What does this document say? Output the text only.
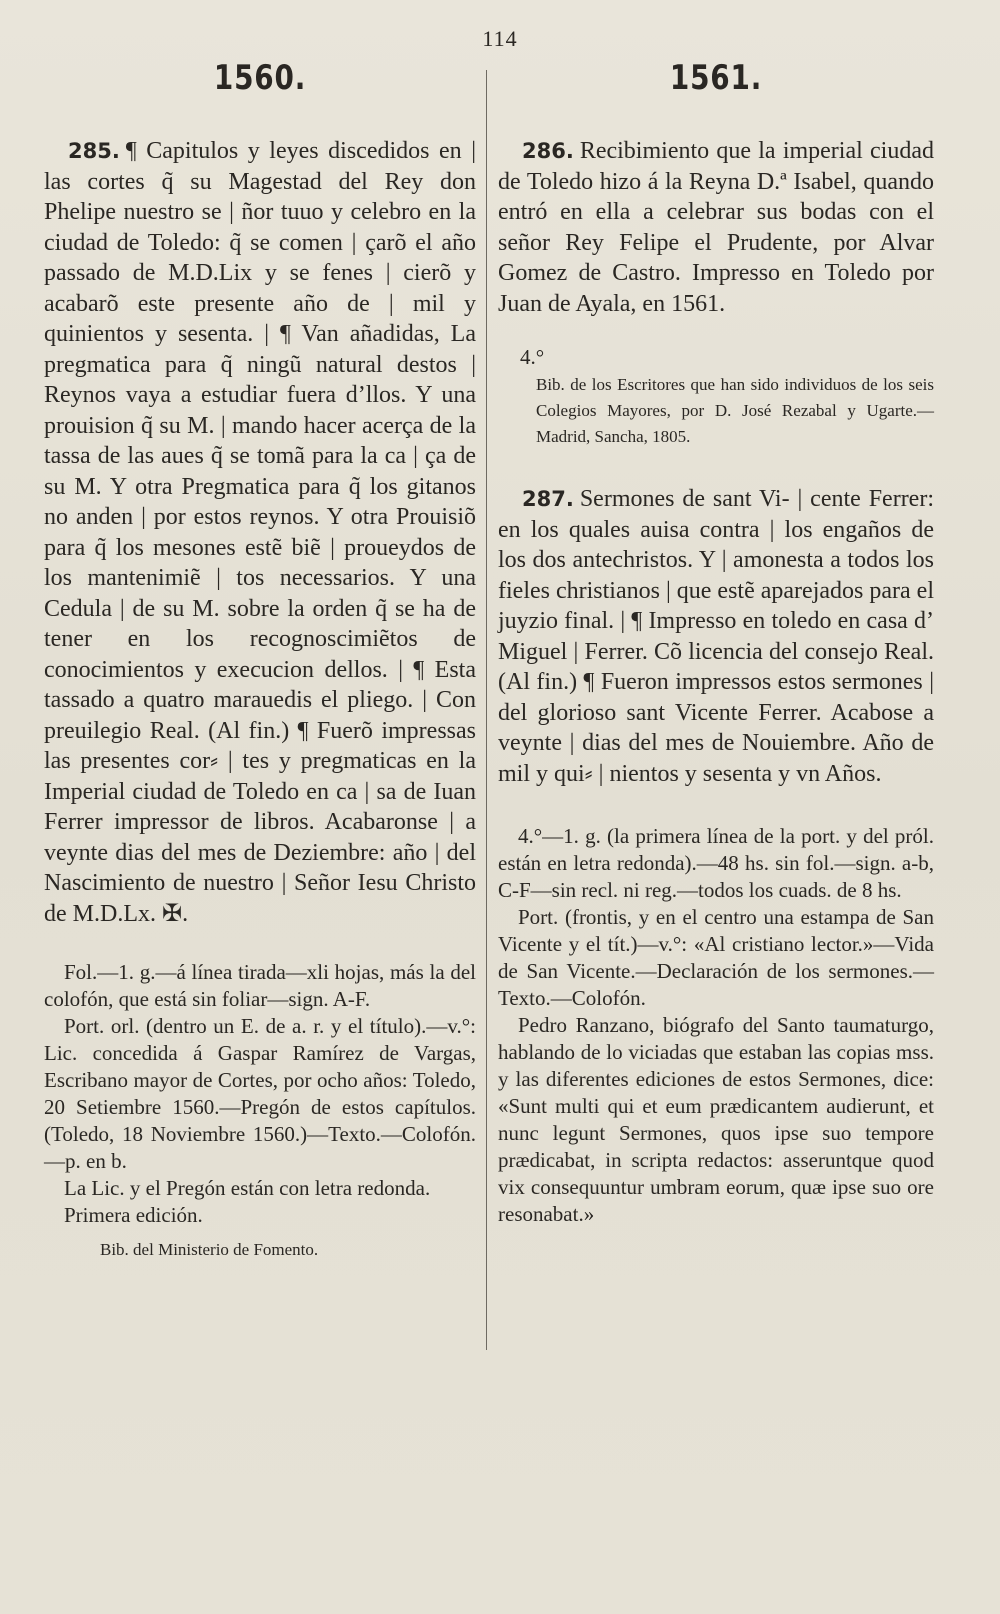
114
1560.
285. ¶ Capitulos y leyes discedidos en | las cortes q̃ su Magestad del Rey don Phelipe nuestro se | ñor tuuo y celebro en la ciudad de Toledo: q̃ se comen | çarõ el año passado de M.D.Lix y se fenes | cierõ y acabarõ este presente año de | mil y quinientos y sesenta. | ¶ Van añadidas, La pregmatica para q̃ ningũ natural destos | Reynos vaya a estudiar fuera d’llos. Y una prouision q̃ su M. | mando hacer acerça de la tassa de las aues q̃ se tomã para la ca | ça de su M. Y otra Pregmatica para q̃ los gitanos no anden | por estos reynos. Y otra Prouisiõ para q̃ los mesones estẽ biẽ | proueydos de los mantenimiẽ | tos necessarios. Y una Cedula | de su M. sobre la orden q̃ se ha de tener en los recognoscimiẽtos de conocimientos y execucion dellos. | ¶ Esta tassado a quatro marauedis el pliego. | Con preuilegio Real. (Al fin.) ¶ Fuerõ impressas las presentes cor⸗ | tes y pregmaticas en la Imperial ciudad de Toledo en ca | sa de Iuan Ferrer impressor de libros. Acabaronse | a veynte dias del mes de Deziembre: año | del Nascimiento de nuestro | Señor Iesu Christo de M.D.Lx. ✠.

Fol.—1. g.—á línea tirada—xli hojas, más la del colofón, que está sin foliar—sign. A-F.

Port. orl. (dentro un E. de a. r. y el título).—v.°: Lic. concedida á Gaspar Ramírez de Vargas, Escribano mayor de Cortes, por ocho años: Toledo, 20 Setiembre 1560.—Pregón de estos capítulos. (Toledo, 18 Noviembre 1560.)—Texto.—Colofón.—p. en b.

La Lic. y el Pregón están con letra redonda.

Primera edición.

Bib. del Ministerio de Fomento.
1561.
286. Recibimiento que la imperial ciudad de Toledo hizo á la Reyna D.ª Isabel, quando entró en ella a celebrar sus bodas con el señor Rey Felipe el Prudente, por Alvar Gomez de Castro. Impresso en Toledo por Juan de Ayala, en 1561.

4.°

Bib. de los Escritores que han sido individuos de los seis Colegios Mayores, por D. José Rezabal y Ugarte.—Madrid, Sancha, 1805.
287. Sermones de sant Vi- | cente Ferrer: en los quales auisa contra | los engaños de los dos antechristos. Y | amonesta a todos los fieles christianos | que estẽ aparejados para el juyzio final. | ¶ Impresso en toledo en casa d’ Miguel | Ferrer. Cõ licencia del consejo Real. (Al fin.) ¶ Fueron impressos estos sermones | del glorioso sant Vicente Ferrer. Acabose a veynte | dias del mes de Nouiembre. Año de mil y qui⸗ | nientos y sesenta y vn Años.

4.°—1. g. (la primera línea de la port. y del pról. están en letra redonda).—48 hs. sin fol.—sign. a-b, C-F—sin recl. ni reg.—todos los cuads. de 8 hs.

Port. (frontis, y en el centro una estampa de San Vicente y el tít.)—v.°: «Al cristiano lector.»—Vida de San Vicente.—Declaración de los sermones.—Texto.—Colofón.

Pedro Ranzano, biógrafo del Santo taumaturgo, hablando de lo viciadas que estaban las copias mss. y las diferentes ediciones de estos Sermones, dice: «Sunt multi qui et eum prædicantem audierunt, et nunc legunt Sermones, quos ipse suo tempore prædicabat, in scripta redactos: asseruntque quod vix consequuntur umbram eorum, quæ ipse suo ore resonabat.»
